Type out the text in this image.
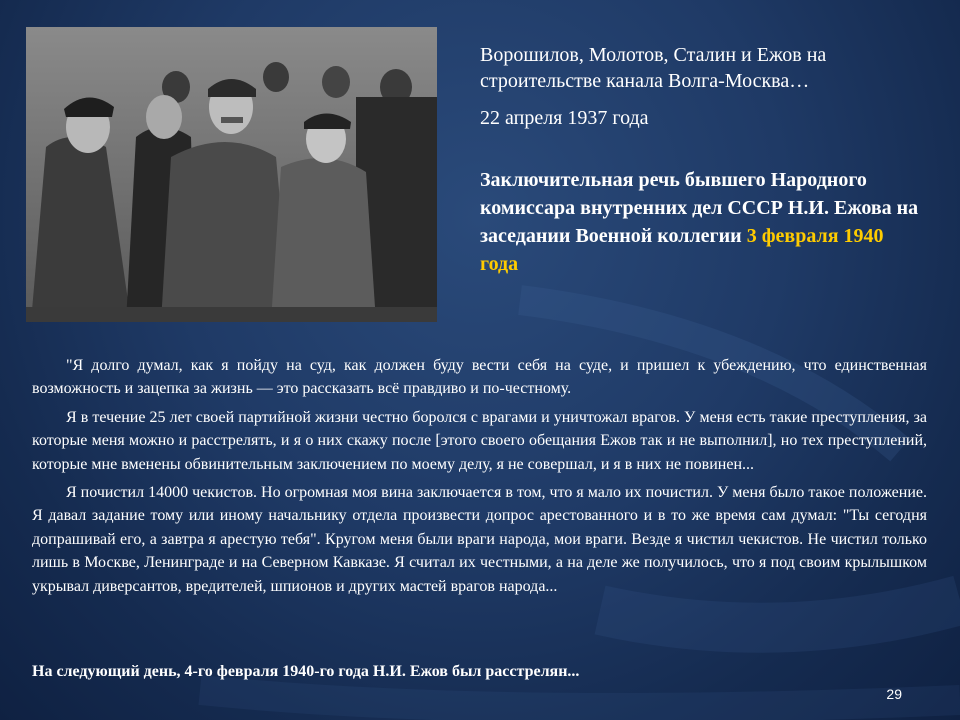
Ворошилов, Молотов, Сталин и Ежов на строительстве канала Волга-Москва…
22 апреля 1937 года
Заключительная речь бывшего Народного комиссара внутренних дел СССР Н.И. Ежова на заседании Военной коллегии 3 февраля 1940 года

"Я долго думал, как я пойду на суд, как должен буду вести себя на суде, и пришел к убеждению, что единственная возможность и зацепка за жизнь — это рассказать всё правдиво и по-честному.

Я в течение 25 лет своей партийной жизни честно боролся с врагами и уничтожал врагов. У меня есть такие преступления, за которые меня можно и расстрелять, и я о них скажу после [этого своего обещания Ежов так и не выполнил], но тех преступлений, которые мне вменены обвинительным заключением по моему делу, я не совершал, и я в них не повинен...

Я почистил 14000 чекистов. Но огромная моя вина заключается в том, что я мало их почистил. У меня было такое положение. Я давал задание тому или иному начальнику отдела произвести допрос арестованного и в то же время сам думал: "Ты сегодня допрашивай его, а завтра я арестую тебя". Кругом меня были враги народа, мои враги. Везде я чистил чекистов. Не чистил только лишь в Москве, Ленинграде и на Северном Кавказе. Я считал их честными, а на деле же получилось, что я под своим крылышком укрывал диверсантов, вредителей, шпионов и других мастей врагов народа...

На следующий день, 4-го февраля 1940-го года Н.И. Ежов был расстрелян...
29
